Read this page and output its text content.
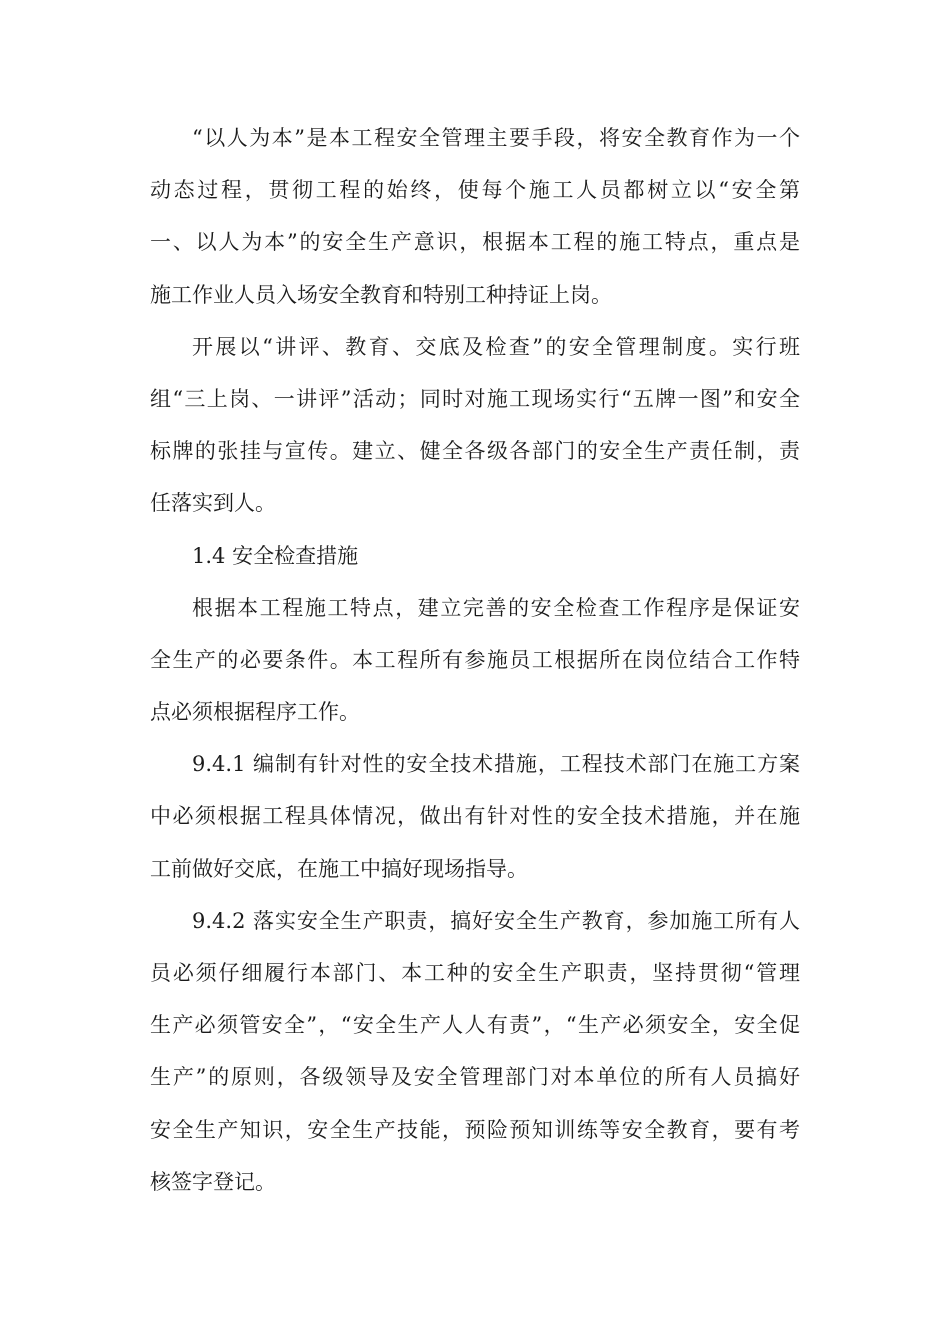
“以人为本”是本工程安全管理主要手段，将安全教育作为一个
动态过程，贯彻工程的始终，使每个施工人员都树立以“安全第
一、以人为本”的安全生产意识，根据本工程的施工特点，重点是
施工作业人员入场安全教育和特别工种持证上岗。
开展以“讲评、教育、交底及检查”的安全管理制度。实行班
组“三上岗、一讲评”活动；同时对施工现场实行“五牌一图”和安全
标牌的张挂与宣传。建立、健全各级各部门的安全生产责任制，责
任落实到人。
1.4 安全检查措施
根据本工程施工特点，建立完善的安全检查工作程序是保证安
全生产的必要条件。本工程所有参施员工根据所在岗位结合工作特
点必须根据程序工作。
9.4.1 编制有针对性的安全技术措施，工程技术部门在施工方案
中必须根据工程具体情况，做出有针对性的安全技术措施，并在施
工前做好交底，在施工中搞好现场指导。
9.4.2 落实安全生产职责，搞好安全生产教育，参加施工所有人
员必须仔细履行本部门、本工种的安全生产职责，坚持贯彻“管理
生产必须管安全”，“安全生产人人有责”，“生产必须安全，安全促
生产”的原则，各级领导及安全管理部门对本单位的所有人员搞好
安全生产知识，安全生产技能，预险预知训练等安全教育，要有考
核签字登记。
